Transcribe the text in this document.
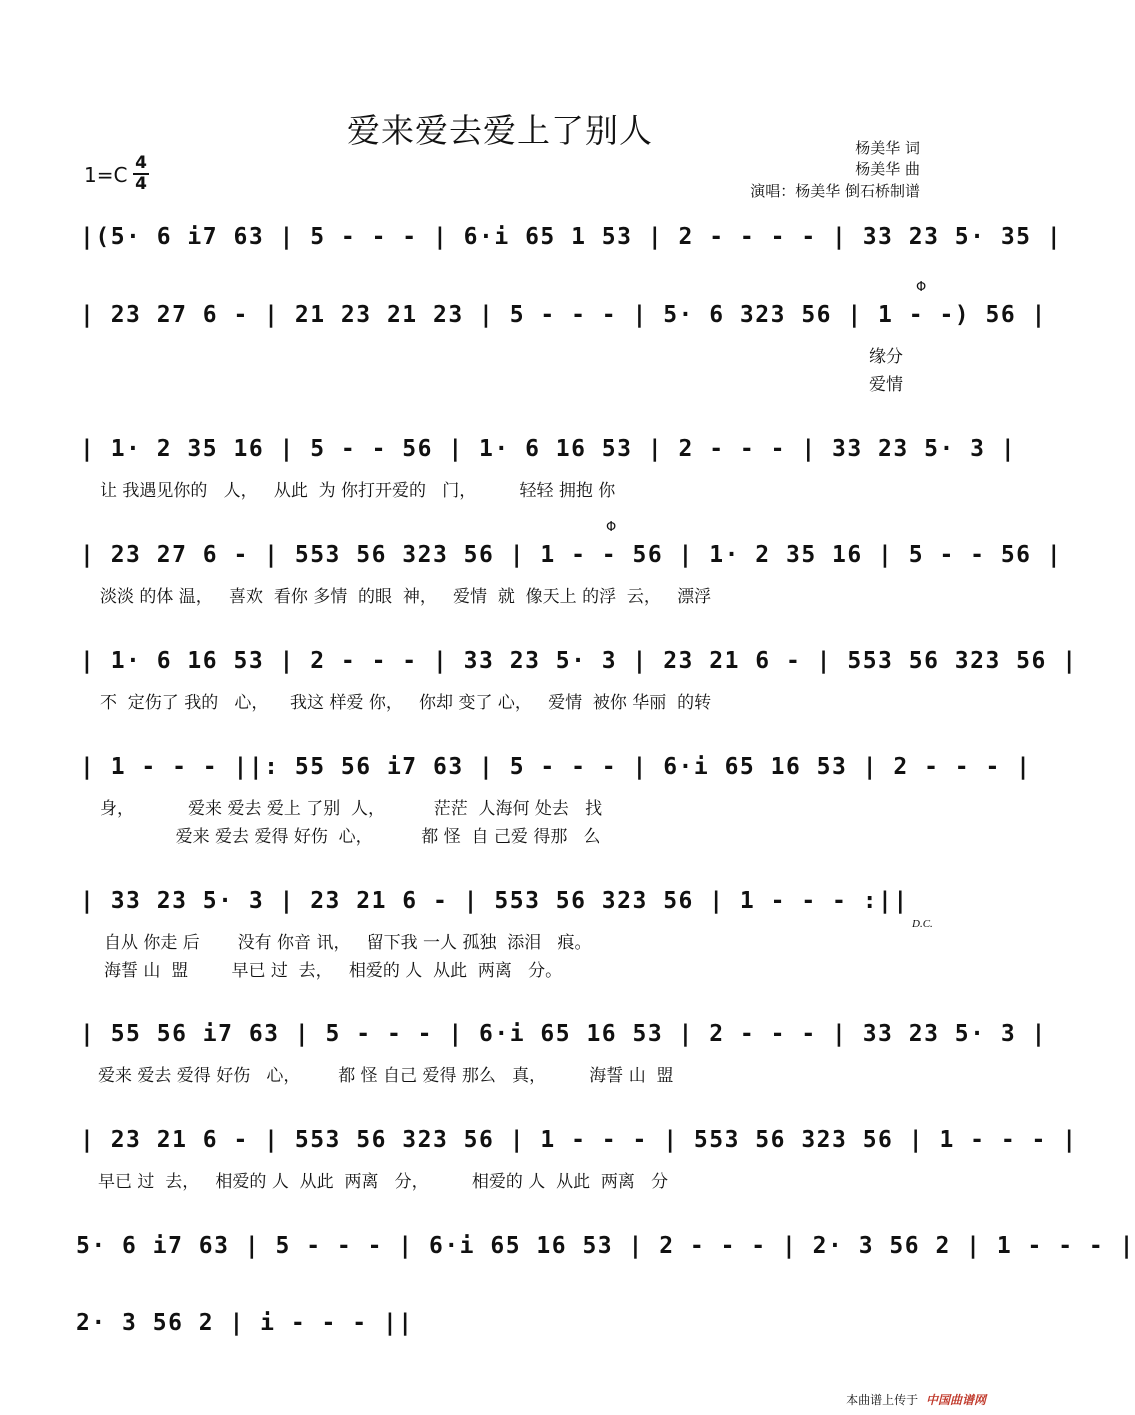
爱来爱去爱上了别人	杨美华 词
杨美华 曲
演唱：杨美华 倒石桥制谱
1=C 4
4
|(5· 6 i7 63 | 5 - - - | 6·i 65 1 53 | 2 - - - - | 33 23 5· 35 |
| 23 27 6 - | 21 23 21 23 | 5 - - - | 5· 6 323 56 | 1 - -) 56 |
Φ
缘分
爱情
| 1· 2 35 16 | 5 - - 56 | 1· 6 16 53 | 2 - - - | 33 23 5· 3 |
让 我遇见你的   人，   从此  为 你打开爱的   门，        轻轻 拥抱 你
| 23 27 6 - | 553 56 323 56 | 1 - - 56 | 1· 2 35 16 | 5 - - 56 |
Φ
淡淡 的体 温，   喜欢  看你 多情  的眼  神，   爱情  就  像天上 的浮  云，   漂浮
| 1· 6 16 53 | 2 - - - | 33 23 5· 3 | 23 21 6 - | 553 56 323 56 |
不  定伤了 我的   心，    我这 样爱 你，   你却 变了 心，   爱情  被你 华丽  的转
| 1 - - - ||: 55 56 i7 63 | 5 - - - | 6·i 65 16 53 | 2 - - - |
身，          爱来 爱去 爱上 了别  人，         茫茫  人海何 处去   找
爱来 爱去 爱得 好伤  心，         都 怪  自 己爱 得那   么
| 33 23 5· 3 | 23 21 6 - | 553 56 323 56 | 1 - - - :||
D.C.
自从 你走 后       没有 你音 讯，   留下我 一人 孤独  添泪   痕。
海誓 山  盟        早已 过  去，   相爱的 人  从此  两离   分。
| 55 56 i7 63 | 5 - - - | 6·i 65 16 53 | 2 - - - | 33 23 5· 3 |
爱来 爱去 爱得 好伤   心，       都 怪 自己 爱得 那么   真，        海誓 山  盟
| 23 21 6 - | 553 56 323 56 | 1 - - - | 553 56 323 56 | 1 - - - |
早已 过  去，   相爱的 人  从此  两离   分，        相爱的 人  从此  两离   分
5· 6 i7 63 | 5 - - - | 6·i 65 16 53 | 2 - - - | 2· 3 56 2 | 1 - - - |
2· 3 56 2 | i - - - ||
本曲谱上传于 中国曲谱网
